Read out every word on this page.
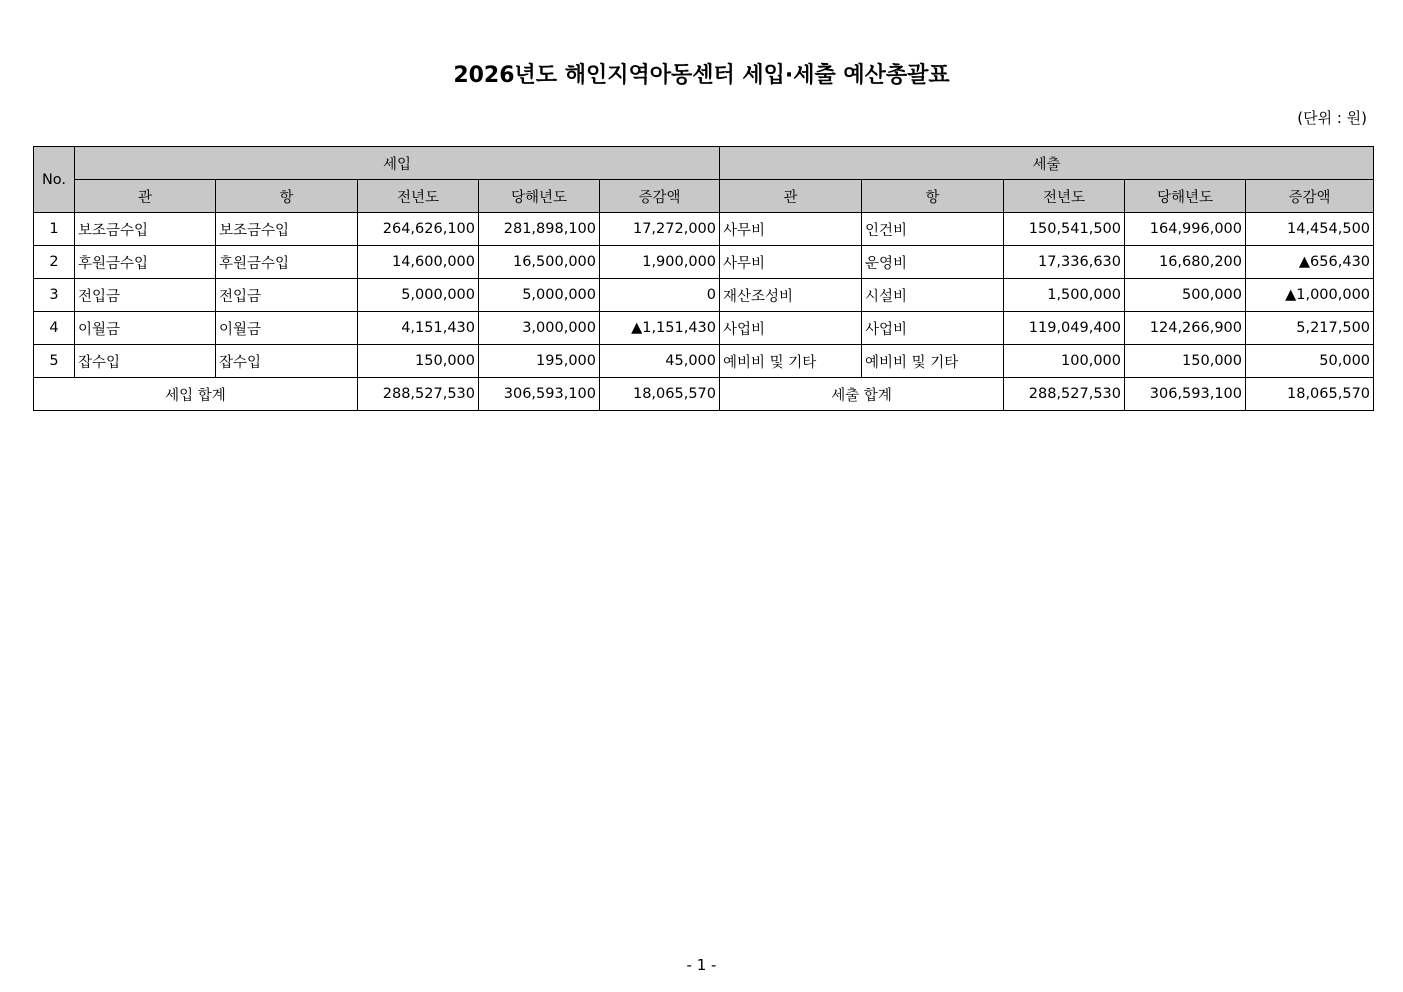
2026년도 해인지역아동센터 세입·세출 예산총괄표
(단위 : 원)
No.	세입					세출				
	관	항	전년도	당해년도	증감액	관	항	전년도	당해년도	증감액
1	보조금수입	보조금수입	264,626,100	281,898,100	17,272,000	사무비	인건비	150,541,500	164,996,000	14,454,500
2	후원금수입	후원금수입	14,600,000	16,500,000	1,900,000	사무비	운영비	17,336,630	16,680,200	▲656,430
3	전입금	전입금	5,000,000	5,000,000	0	재산조성비	시설비	1,500,000	500,000	▲1,000,000
4	이월금	이월금	4,151,430	3,000,000	▲1,151,430	사업비	사업비	119,049,400	124,266,900	5,217,500
5	잡수입	잡수입	150,000	195,000	45,000	예비비 및 기타	예비비 및 기타	100,000	150,000	50,000
세입 합계			288,527,530	306,593,100	18,065,570	세출 합계		288,527,530	306,593,100	18,065,570
- 1 -
